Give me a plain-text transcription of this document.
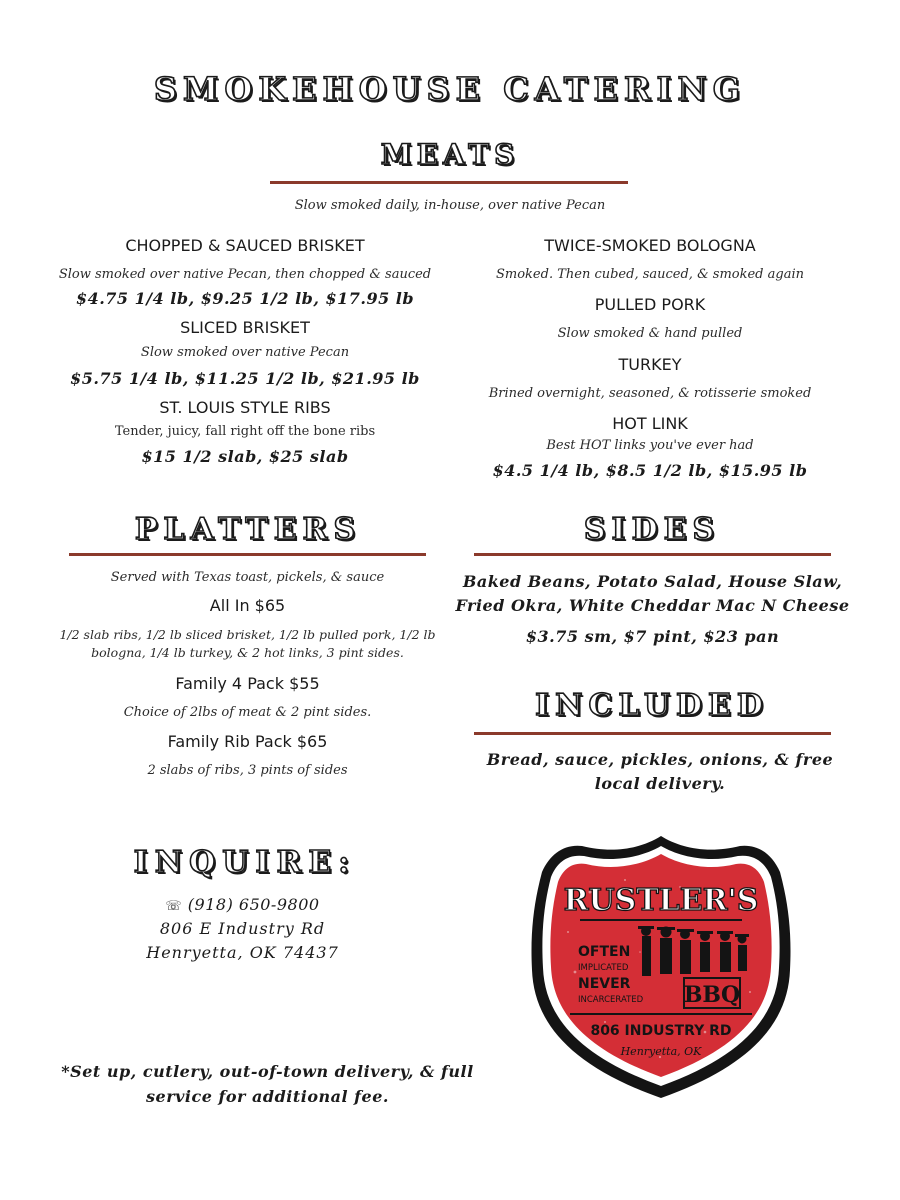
SMOKEHOUSE CATERING
MEATS
Slow smoked daily, in-house, over native Pecan
CHOPPED & SAUCED BRISKET
Slow smoked over native Pecan, then chopped & sauced
$4.75 1/4 lb, $9.25 1/2 lb, $17.95 lb
SLICED BRISKET
Slow smoked over native Pecan
$5.75 1/4 lb, $11.25 1/2 lb, $21.95 lb
ST. LOUIS STYLE RIBS
Tender, juicy, fall right off the bone ribs
$15 1/2 slab, $25 slab
TWICE-SMOKED BOLOGNA
Smoked. Then cubed, sauced, & smoked again
PULLED PORK
Slow smoked & hand pulled
TURKEY
Brined overnight, seasoned, & rotisserie smoked
HOT LINK
Best HOT links you've ever had
$4.5 1/4 lb, $8.5 1/2 lb, $15.95 lb
PLATTERS
Served with Texas toast, pickels, & sauce
All In $65
1/2 slab ribs, 1/2 lb sliced brisket, 1/2 lb pulled pork, 1/2 lb bologna, 1/4 lb turkey, & 2 hot links, 3 pint sides.
Family 4 Pack $55
Choice of 2lbs of meat & 2 pint sides.
Family Rib Pack $65
2 slabs of ribs, 3 pints of sides
SIDES
Baked Beans, Potato Salad, House Slaw,
Fried Okra, White Cheddar Mac N Cheese
$3.75 sm, $7 pint, $23 pan
INCLUDED
Bread, sauce, pickles, onions, & free
local delivery.
INQUIRE:
☏ (918) 650-9800
806 E Industry Rd
Henryetta, OK 74437
*Set up, cutlery, out-of-town delivery, & full
service for additional fee.
RUSTLER'S
OFTEN
IMPLICATED
NEVER
INCARCERATED BBQ
806 INDUSTRY RD
Henryetta, OK
